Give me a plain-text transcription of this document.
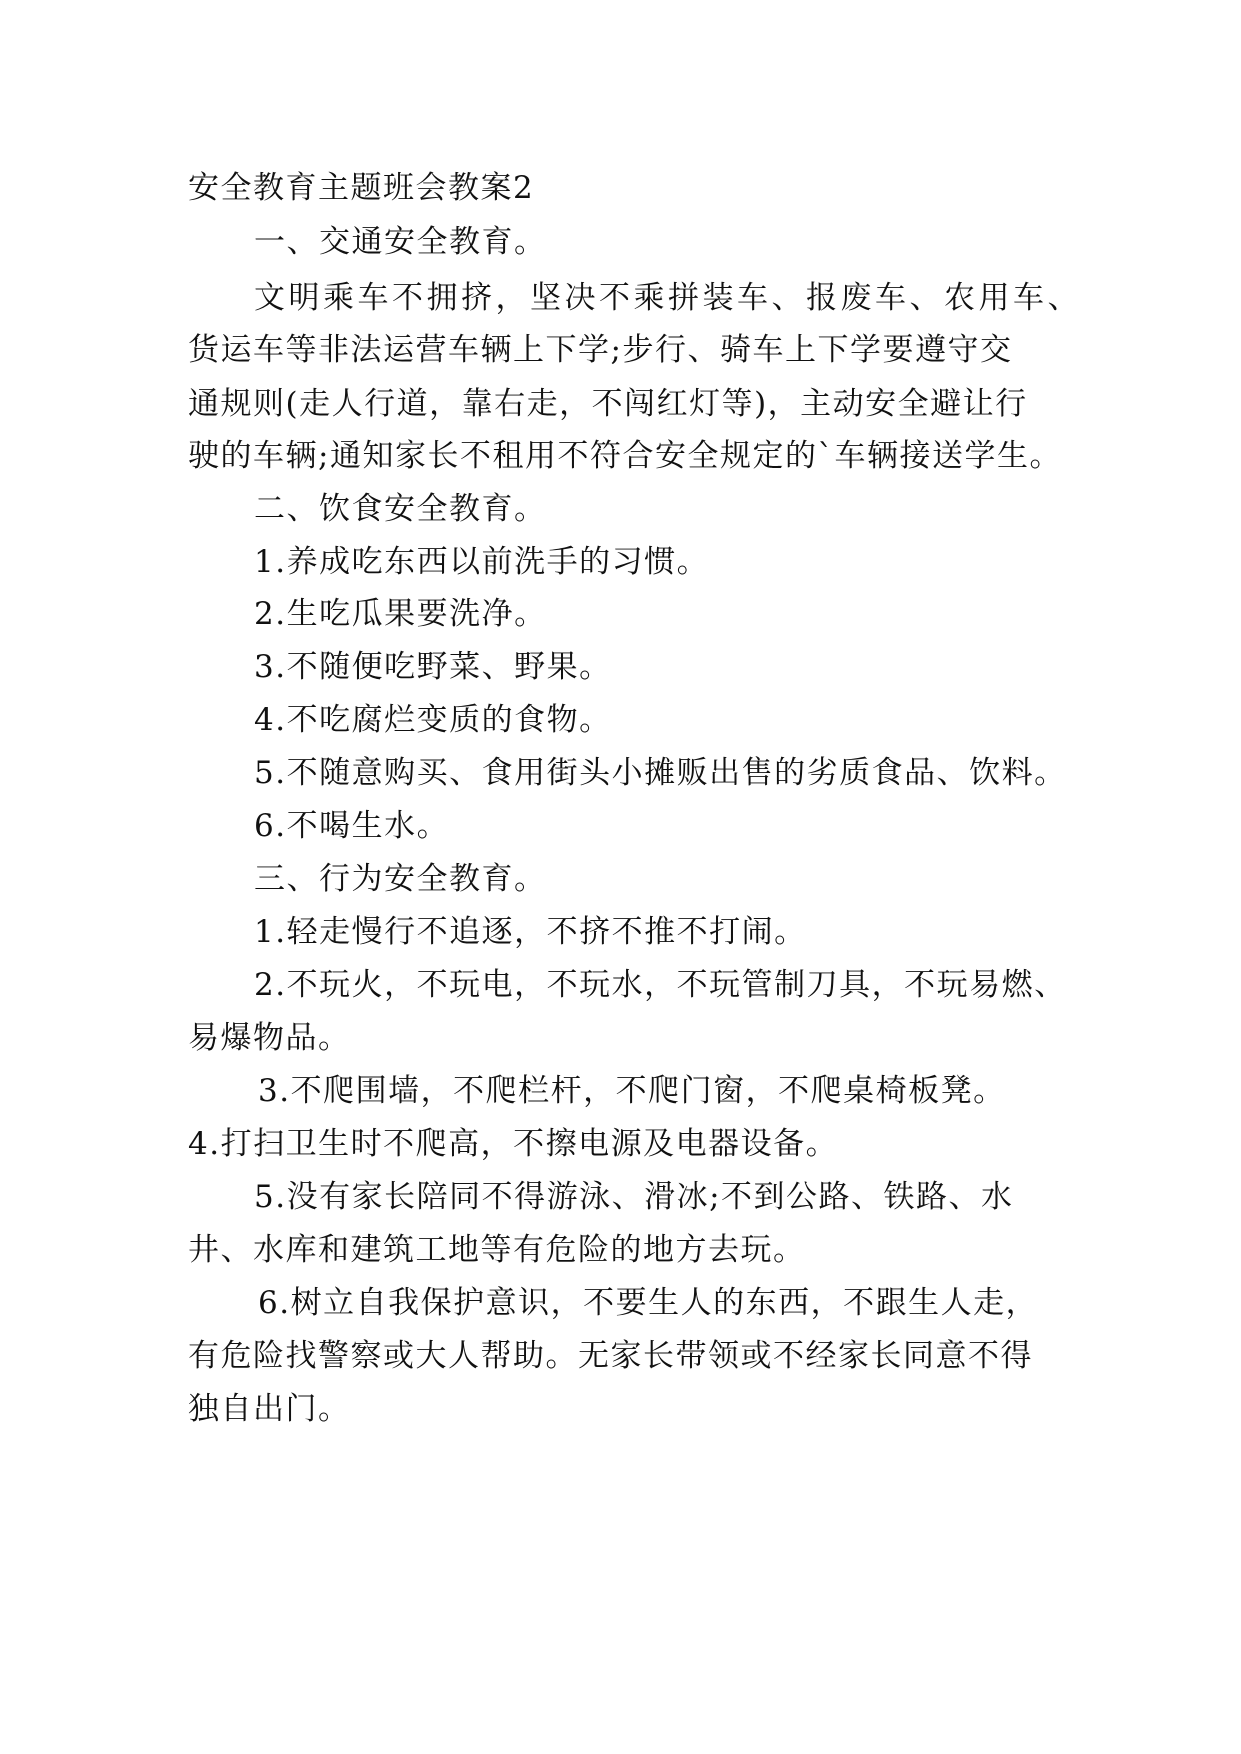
安全教育主题班会教案2
一、交通安全教育。
文明乘车不拥挤，坚决不乘拼装车、报废车、农用车、
货运车等非法运营车辆上下学;步行、骑车上下学要遵守交
通规则(走人行道，靠右走，不闯红灯等)，主动安全避让行
驶的车辆;通知家长不租用不符合安全规定的`车辆接送学生。
二、饮食安全教育。
1.养成吃东西以前洗手的习惯。
2.生吃瓜果要洗净。
3.不随便吃野菜、野果。
4.不吃腐烂变质的食物。
5.不随意购买、食用街头小摊贩出售的劣质食品、饮料。
6.不喝生水。
三、行为安全教育。
1.轻走慢行不追逐，不挤不推不打闹。
2.不玩火，不玩电，不玩水，不玩管制刀具，不玩易燃、
易爆物品。
3.不爬围墙，不爬栏杆，不爬门窗，不爬桌椅板凳。
4.打扫卫生时不爬高，不擦电源及电器设备。
5.没有家长陪同不得游泳、滑冰;不到公路、铁路、水
井、水库和建筑工地等有危险的地方去玩。
6.树立自我保护意识，不要生人的东西，不跟生人走，
有危险找警察或大人帮助。无家长带领或不经家长同意不得
独自出门。
